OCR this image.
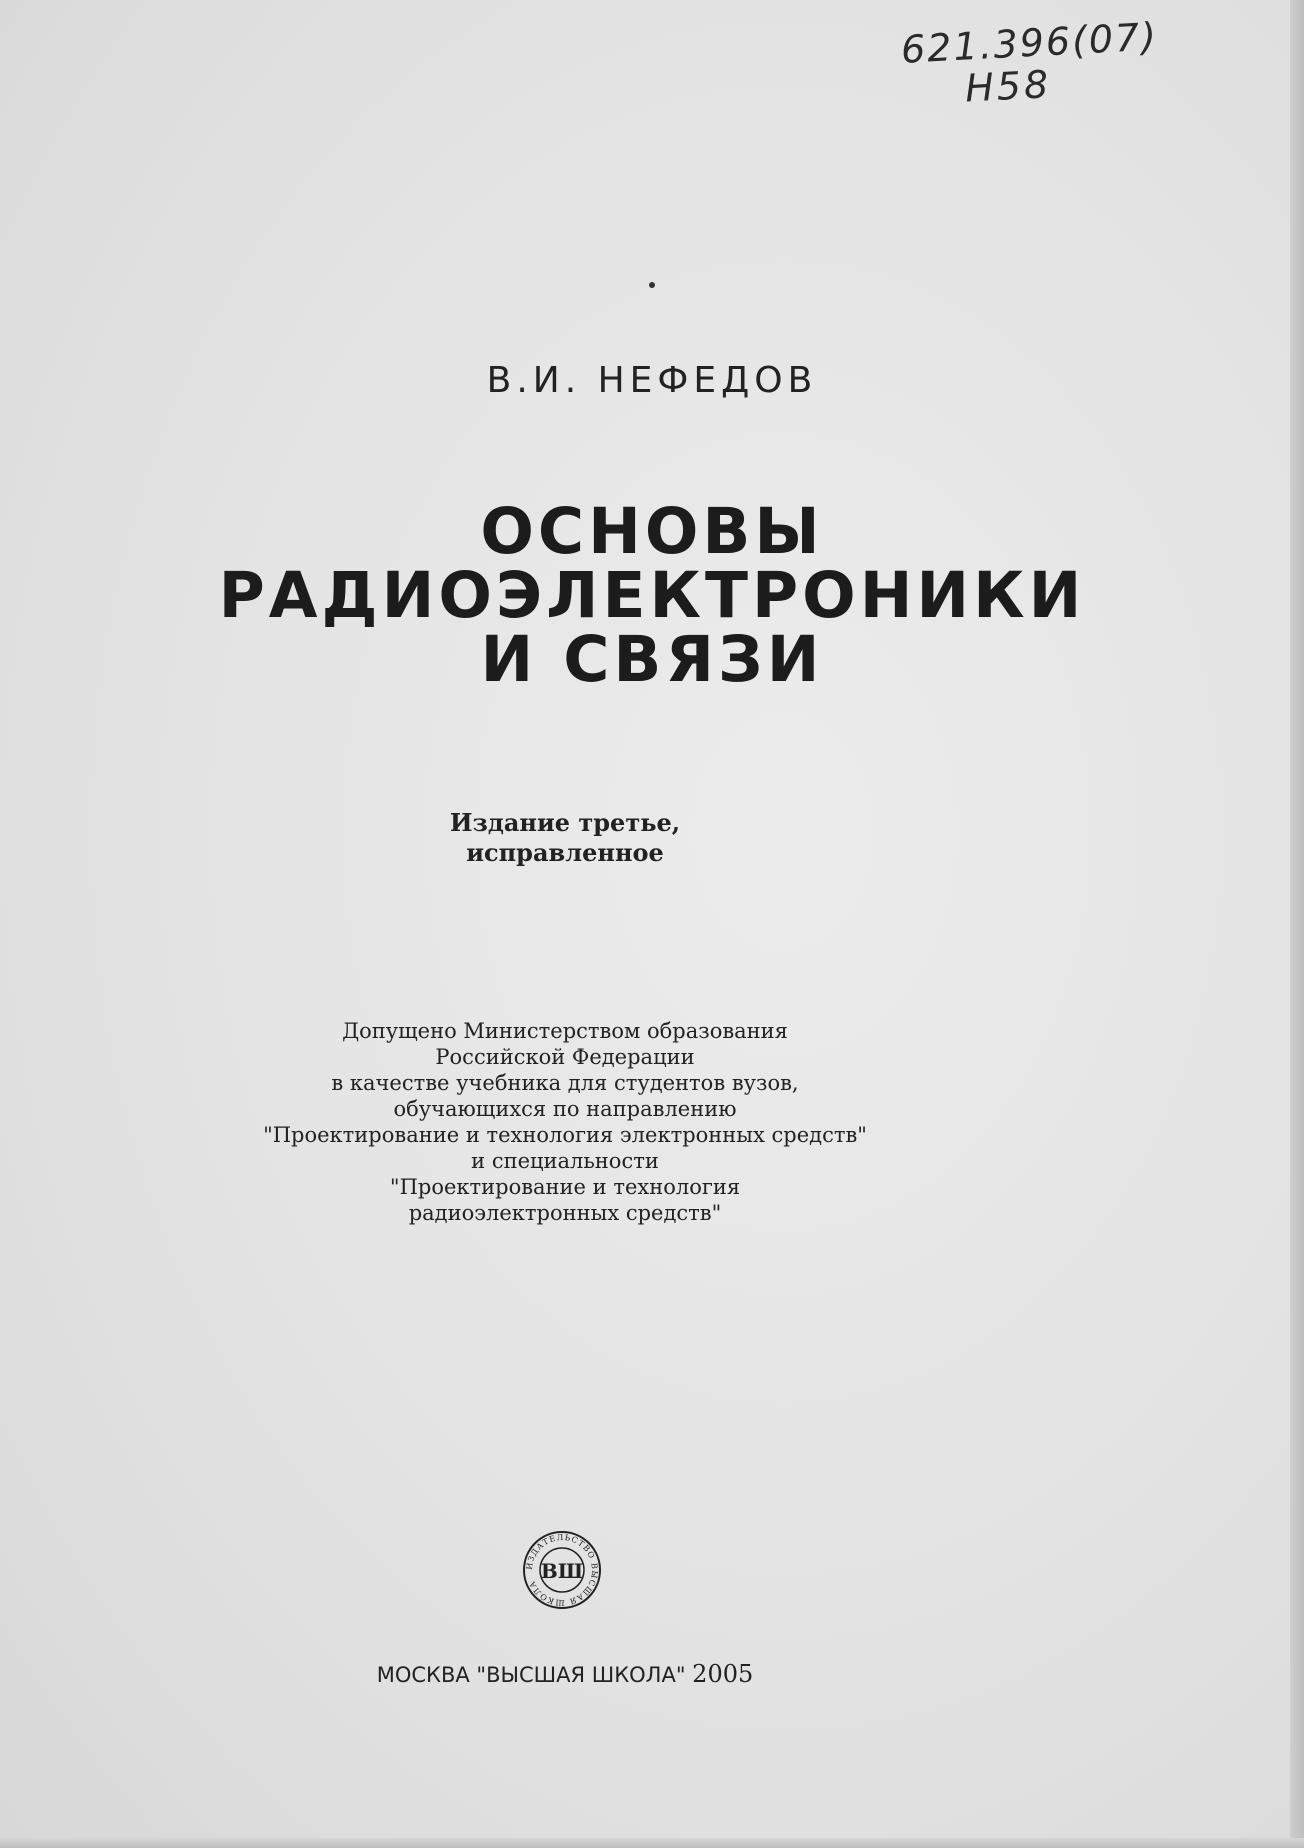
621.396(07)
Н58
В.И. НЕФЕДОВ
ОСНОВЫ
РАДИОЭЛЕКТРОНИКИ
И СВЯЗИ
Издание третье,
исправленное
Допущено Министерством образования
Российской Федерации
в качестве учебника для студентов вузов,
обучающихся по направлению
"Проектирование и технология электронных средств"
и специальности
"Проектирование и технология
радиоэлектронных средств"
ИЗДАТЕЛЬСТВО ВЫСШАЯ ШКОЛА
ВШ
МОСКВА "ВЫСШАЯ ШКОЛА" 2005
